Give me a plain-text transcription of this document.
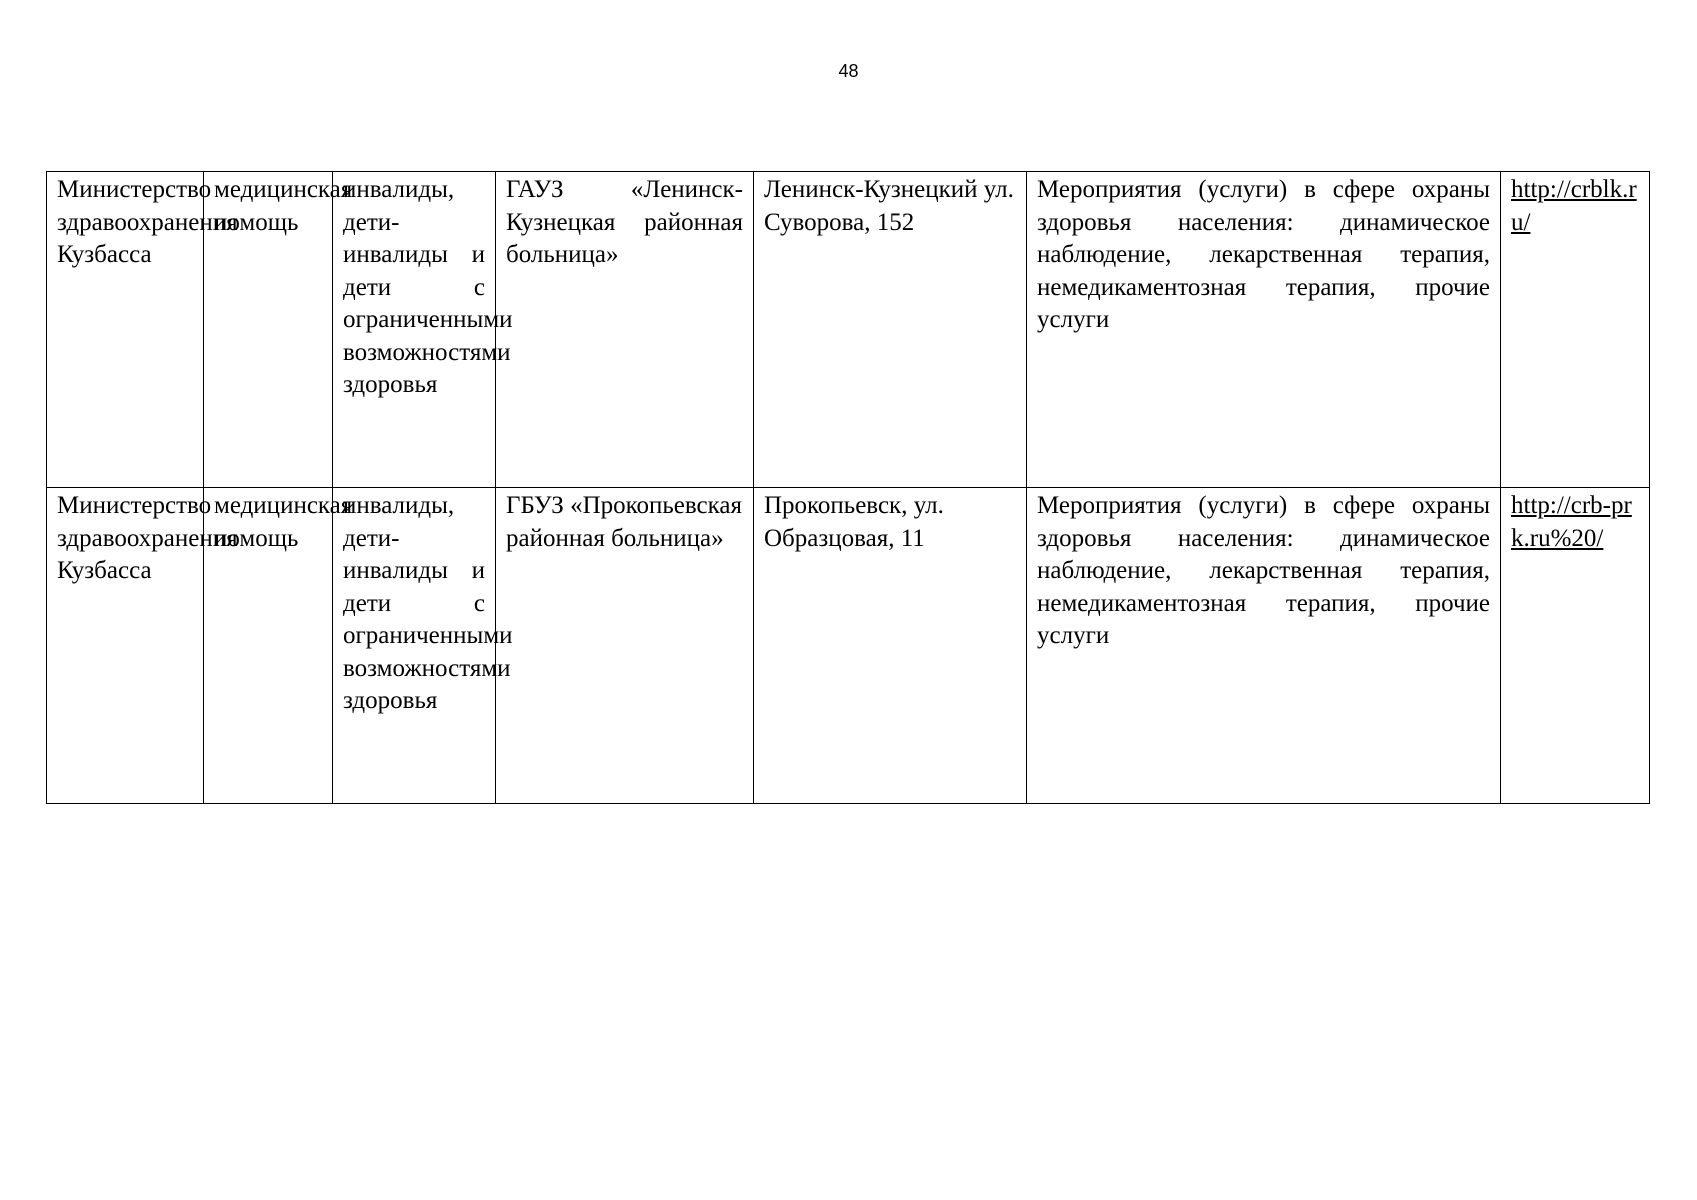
48
Министерство здравоохранения Кузбасса	медицинская помощь	инвалиды, дети-инвалиды и дети с ограниченными возможностями здоровья	ГАУЗ «Ленинск-Кузнецкая районная больница»	Ленинск-Кузнецкий ул. Суворова, 152	Мероприятия (услуги) в сфере охраны здоровья населения: динамическое наблюдение, лекарственная терапия, немедикаментозная терапия, прочие услуги	http://crblk.ru/
Министерство здравоохранения Кузбасса	медицинская помощь	инвалиды, дети-инвалиды и дети с ограниченными возможностями здоровья	ГБУЗ «Прокопьевская районная больница»	Прокопьевск, ул. Образцовая, 11	Мероприятия (услуги) в сфере охраны здоровья населения: динамическое наблюдение, лекарственная терапия, немедикаментозная терапия, прочие услуги	http://crb-prk.ru%20/
